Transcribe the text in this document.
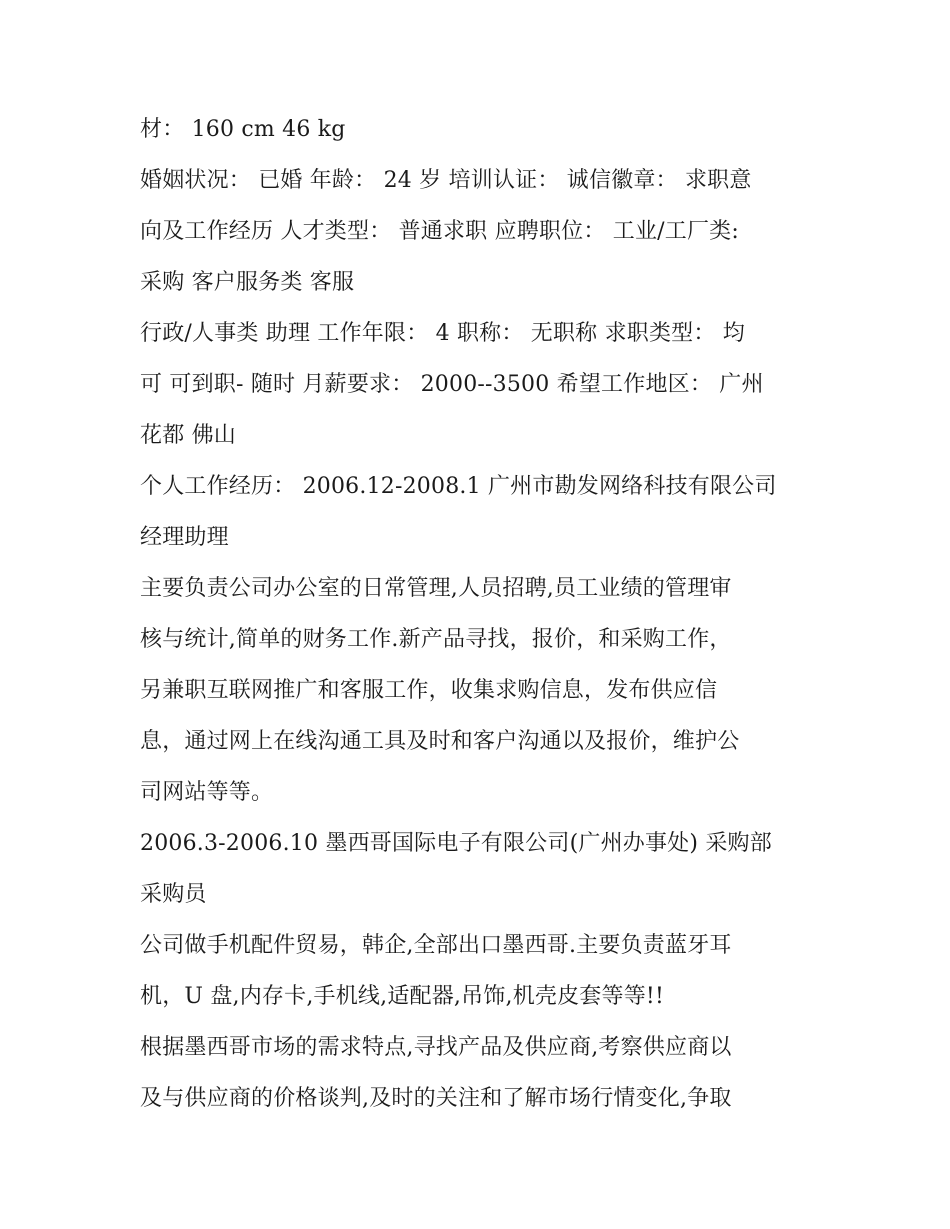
材： 160 cm 46 kg
婚姻状况： 已婚 年龄： 24 岁 培训认证： 诚信徽章： 求职意
向及工作经历 人才类型： 普通求职 应聘职位： 工业/工厂类:
采购 客户服务类 客服
行政/人事类 助理 工作年限： 4 职称： 无职称 求职类型： 均
可 可到职- 随时 月薪要求： 2000--3500 希望工作地区： 广州
花都 佛山
个人工作经历： 2006.12-2008.1 广州市勘发网络科技有限公司
经理助理
主要负责公司办公室的日常管理,人员招聘,员工业绩的管理审
核与统计,简单的财务工作.新产品寻找，报价，和采购工作，
另兼职互联网推广和客服工作，收集求购信息，发布供应信
息，通过网上在线沟通工具及时和客户沟通以及报价，维护公
司网站等等。
2006.3-2006.10 墨西哥国际电子有限公司(广州办事处) 采购部
采购员
公司做手机配件贸易，韩企,全部出口墨西哥.主要负责蓝牙耳
机，U 盘,内存卡,手机线,适配器,吊饰,机壳皮套等等!!
根据墨西哥市场的需求特点,寻找产品及供应商,考察供应商以
及与供应商的价格谈判,及时的关注和了解市场行情变化,争取
